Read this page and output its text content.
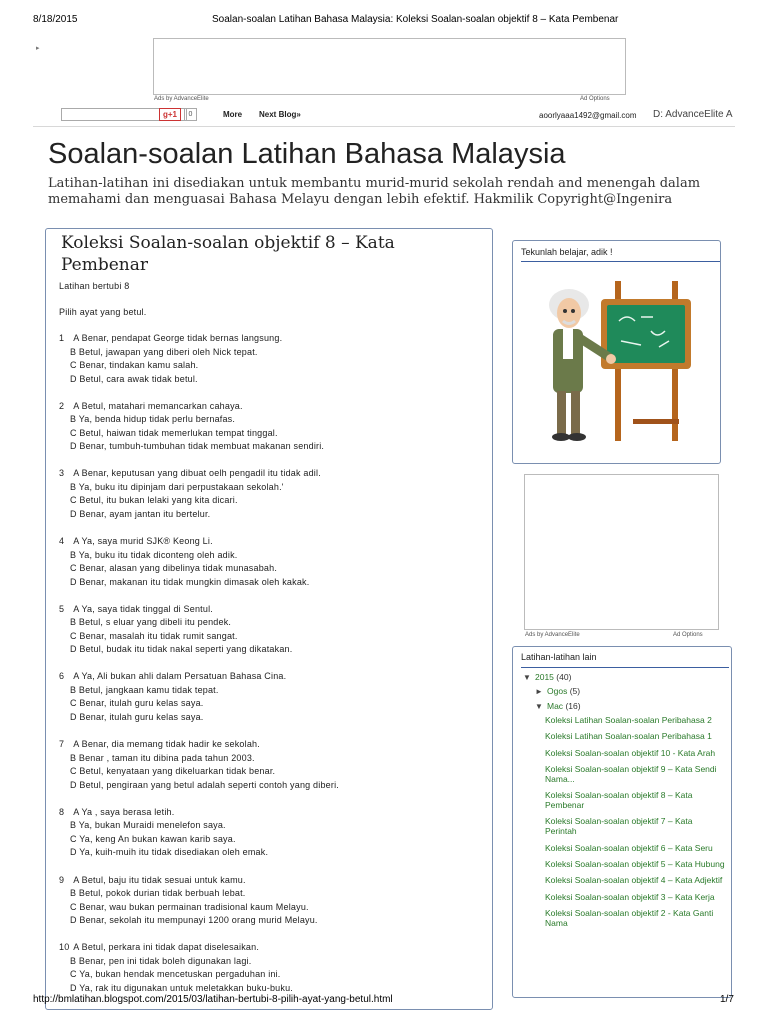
8/18/2015	Soalan-soalan Latihan Bahasa Malaysia: Koleksi Soalan-soalan objektif 8 – Kata Pembenar
▸
Ads by AdvanceElite	Ad Options
g+1	0	More Next Blog»	aoorlyaaa1492@gmail.com D: AdvanceElite A
Soalan-soalan Latihan Bahasa Malaysia
Latihan-latihan ini disediakan untuk membantu murid-murid sekolah rendah and menengah dalam memahami dan menguasai Bahasa Melayu dengan lebih efektif. Hakmilik Copyright@Ingenira
Koleksi Soalan-soalan objektif 8 – Kata Pembenar
Latihan bertubi 8
Pilih ayat yang betul.
1 A Benar, pendapat George tidak bernas langsung.
B Betul, jawapan yang diberi oleh Nick tepat.
C Benar, tindakan kamu salah.
D Betul, cara awak tidak betul.
2 A Betul, matahari memancarkan cahaya.
B Ya, benda hidup tidak perlu bernafas.
C Betul, haiwan tidak memerlukan tempat tinggal.
D Benar, tumbuh-tumbuhan tidak membuat makanan sendiri.
3 A Benar, keputusan yang dibuat oelh pengadil itu tidak adil.
B Ya, buku itu dipinjam dari perpustakaan sekolah.'
C Betul, itu bukan lelaki yang kita dicari.
D Benar, ayam jantan itu bertelur.
4 A Ya, saya murid SJK® Keong Li.
B Ya, buku itu tidak diconteng oleh adik.
C Benar, alasan yang dibelinya tidak munasabah.
D Benar, makanan itu tidak mungkin dimasak oleh kakak.
5 A Ya, saya tidak tinggal di Sentul.
B Betul, s eluar yang dibeli itu pendek.
C Benar, masalah itu tidak rumit sangat.
D Betul, budak itu tidak nakal seperti yang dikatakan.
6 A Ya, Ali bukan ahli dalam Persatuan Bahasa Cina.
B Betul, jangkaan kamu tidak tepat.
C Benar, itulah guru kelas saya.
D Benar, itulah guru kelas saya.
7 A Benar, dia memang tidak hadir ke sekolah.
B Benar , taman itu dibina pada tahun 2003.
C Betul, kenyataan yang dikeluarkan tidak benar.
D Betul, pengiraan yang betul adalah seperti contoh yang diberi.
8 A Ya , saya berasa letih.
B Ya, bukan Muraidi menelefon saya.
C Ya, keng An bukan kawan karib saya.
D Ya, kuih-muih itu tidak disediakan oleh emak.
9 A Betul, baju itu tidak sesuai untuk kamu.
B Betul, pokok durian tidak berbuah lebat.
C Benar, wau bukan permainan tradisional kaum Melayu.
D Benar, sekolah itu mempunayi 1200 orang murid Melayu.
10 A Betul, perkara ini tidak dapat diselesaikan.
B Benar, pen ini tidak boleh digunakan lagi.
C Ya, bukan hendak mencetuskan pergaduhan ini.
D Ya, rak itu digunakan untuk meletakkan buku-buku.
Tekunlah belajar, adik !
Ads by AdvanceElite	Ad Options
Latihan-latihan lain
▼ 2015 (40)
► Ogos (5)
▼ Mac (16)
Koleksi Latihan Soalan-soalan Peribahasa 2
Koleksi Latihan Soalan-soalan Peribahasa 1
Koleksi Soalan-soalan objektif 10 - Kata Arah
Koleksi Soalan-soalan objektif 9 – Kata Sendi Nama...
Koleksi Soalan-soalan objektif 8 – Kata Pembenar
Koleksi Soalan-soalan objektif 7 – Kata Perintah
Koleksi Soalan-soalan objektif 6 – Kata Seru
Koleksi Soalan-soalan objektif 5 – Kata Hubung
Koleksi Soalan-soalan objektif 4 – Kata Adjektif
Koleksi Soalan-soalan objektif 3 – Kata Kerja
Koleksi Soalan-soalan objektif 2 - Kata Ganti Nama
http://bmlatihan.blogspot.com/2015/03/latihan-bertubi-8-pilih-ayat-yang-betul.html	1/7
